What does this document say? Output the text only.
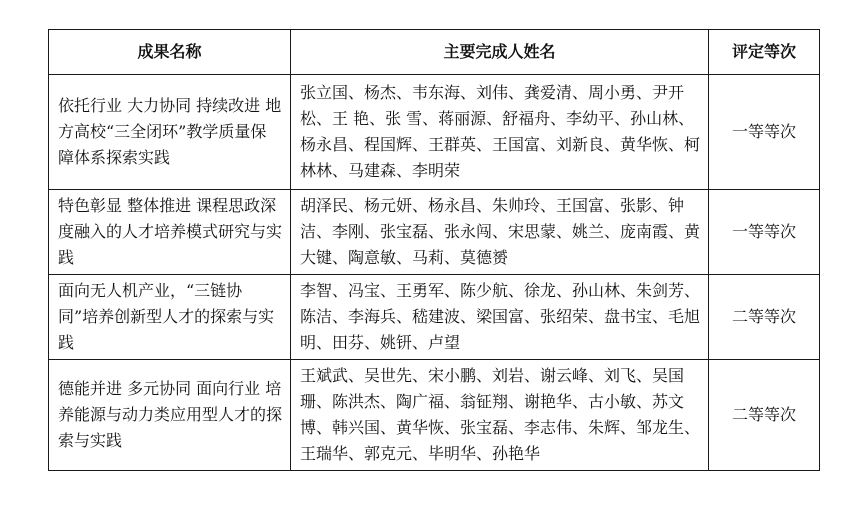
成果名称	主要完成人姓名	评定等次
依托行业 大力协同 持续改进 地方高校“三全闭环”教学质量保障体系探索实践	张立国、杨杰、韦东海、刘伟、龚爱清、周小勇、尹开松、王 艳、张 雪、蒋丽源、舒福舟、李幼平、孙山林、杨永昌、程国辉、王群英、王国富、刘新良、黄华恢、柯林林、马建森、李明荣	一等等次
特色彰显 整体推进 课程思政深度融入的人才培养模式研究与实践	胡泽民、杨元妍、杨永昌、朱帅玲、王国富、张影、钟洁、李刚、张宝磊、张永闯、宋思蒙、姚兰、庞南霞、黄大键、陶意敏、马莉、莫德赟	一等等次
面向无人机产业，“三链协同”培养创新型人才的探索与实践	李智、冯宝、王勇军、陈少航、徐龙、孙山林、朱剑芳、陈洁、李海兵、嵇建波、梁国富、张绍荣、盘书宝、毛旭明、田芬、姚钘、卢望	二等等次
德能并进 多元协同 面向行业 培养能源与动力类应用型人才的探索与实践	王斌武、吴世先、宋小鹏、刘岩、谢云峰、刘飞、吴国珊、陈洪杰、陶广福、翁钲翔、谢艳华、古小敏、苏文博、韩兴国、黄华恢、张宝磊、李志伟、朱辉、邹龙生、王瑞华、郭克元、毕明华、孙艳华	二等等次
